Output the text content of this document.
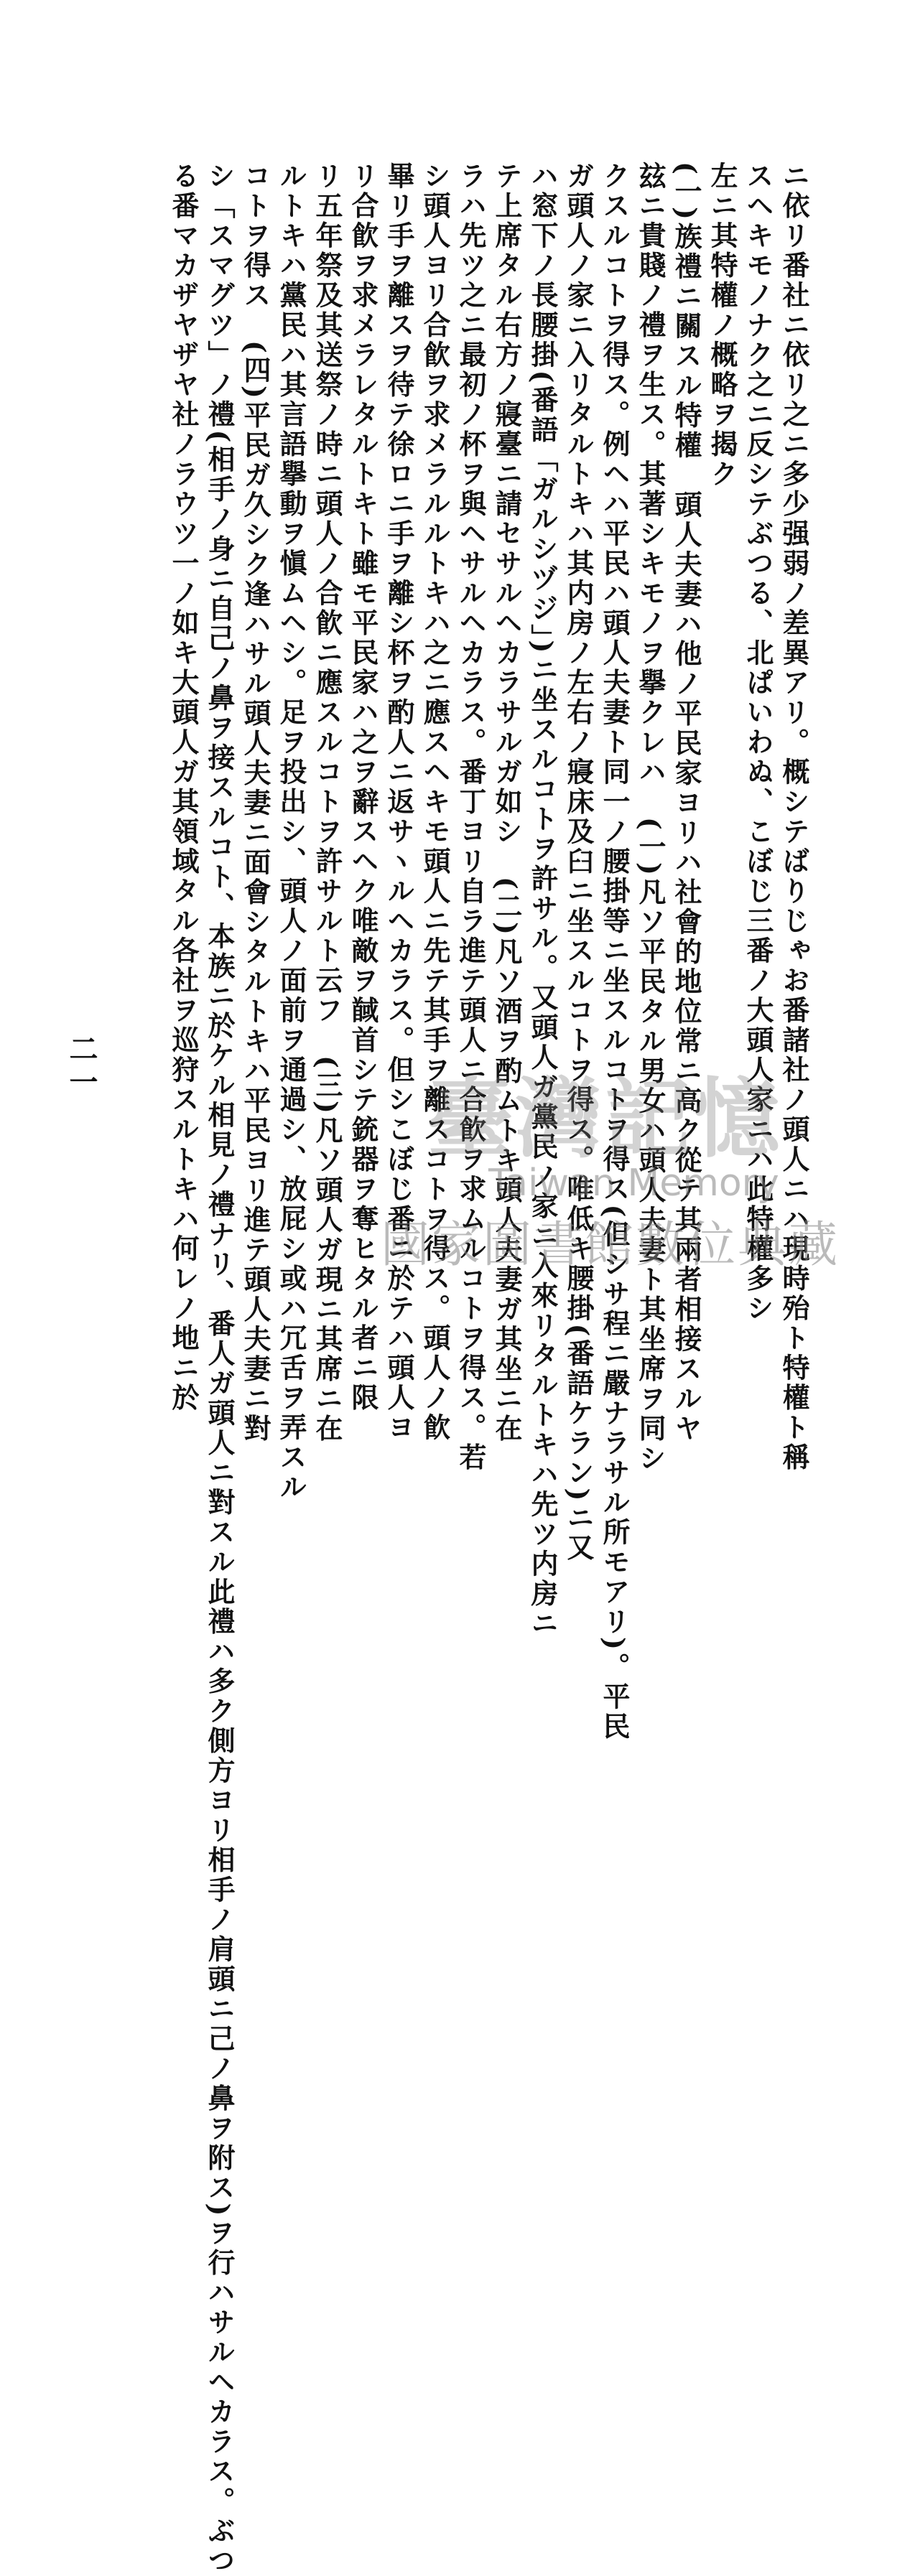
ニ依リ番社ニ依リ之ニ多少强弱ノ差異アリ。概シテばりじゃお番諸社ノ頭人ニハ現時殆ト特權ト稱
スヘキモノナク之ニ反シテぶつる、北ぱいわぬ、こぼじ三番ノ大頭人家ニハ此特權多シ
左ニ其特權ノ概略ヲ揭ク
(一)族禮ニ關スル特權　頭人夫妻ハ他ノ平民家ヨリハ社會的地位常ニ高ク從テ其兩者相接スルヤ
玆ニ貴賤ノ禮ヲ生ス。其著シキモノヲ擧クレハ　(一)凡ソ平民タル男女ハ頭人夫妻ト其坐席ヲ同シ
クスルコトヲ得ス。例ヘハ平民ハ頭人夫妻ト同一ノ腰掛等ニ坐スルコトヲ得ス(但シサ程ニ嚴ナラサル所モアリ)。平民
ガ頭人ノ家ニ入リタルトキハ其内房ノ左右ノ寢床及臼ニ坐スルコトヲ得ス。唯低キ腰掛(番語ケラン)ニ又
ハ窓下ノ長腰掛(番語「ガルシヅジ」)ニ坐スルコトヲ許サル。又頭人ガ黨民ノ家ニ入來リタルトキハ先ツ内房ニ
テ上席タル右方ノ寢臺ニ請セサルヘカラサルガ如シ　(二)凡ソ酒ヲ酌ムトキ頭人夫妻ガ其坐ニ在
ラハ先ツ之ニ最初ノ杯ヲ與ヘサルヘカラス。番丁ヨリ自ラ進テ頭人ニ合飮ヲ求ムルコトヲ得ス。若
シ頭人ヨリ合飮ヲ求メラルルトキハ之ニ應スヘキモ頭人ニ先テ其手ヲ離スコトヲ得ス。頭人ノ飮
畢リ手ヲ離スヲ待テ徐ロニ手ヲ離シ杯ヲ酌人ニ返サヽルヘカラス。但シこぼじ番ニ於テハ頭人ヨ
リ合飮ヲ求メラレタルトキト雖モ平民家ハ之ヲ辭スヘク唯敵ヲ馘首シテ銃器ヲ奪ヒタル者ニ限
リ五年祭及其送祭ノ時ニ頭人ノ合飮ニ應スルコトヲ許サルト云フ　(三)凡ソ頭人ガ現ニ其席ニ在
ルトキハ黨民ハ其言語擧動ヲ愼ムヘシ。足ヲ投出シ、頭人ノ面前ヲ通過シ、放屁シ或ハ冗舌ヲ弄スル
コトヲ得ス　(四)平民ガ久シク逢ハサル頭人夫妻ニ面會シタルトキハ平民ヨリ進テ頭人夫妻ニ對
シ「スマグツ」ノ禮(相手ノ身ニ自己ノ鼻ヲ接スルコト、本族ニ於ケル相見ノ禮ナリ、番人ガ頭人ニ對スル此禮ハ多ク側方ヨリ相手ノ肩頭ニ己ノ鼻ヲ附ス)ヲ行ハサルヘカラス。ぶつ
る番マカザヤザヤ社ノラウツ一ノ如キ大頭人ガ其領域タル各社ヲ巡狩スルトキハ何レノ地ニ於
二一
臺灣記憶
Taiwan Memory
國家圖書館數位典藏
